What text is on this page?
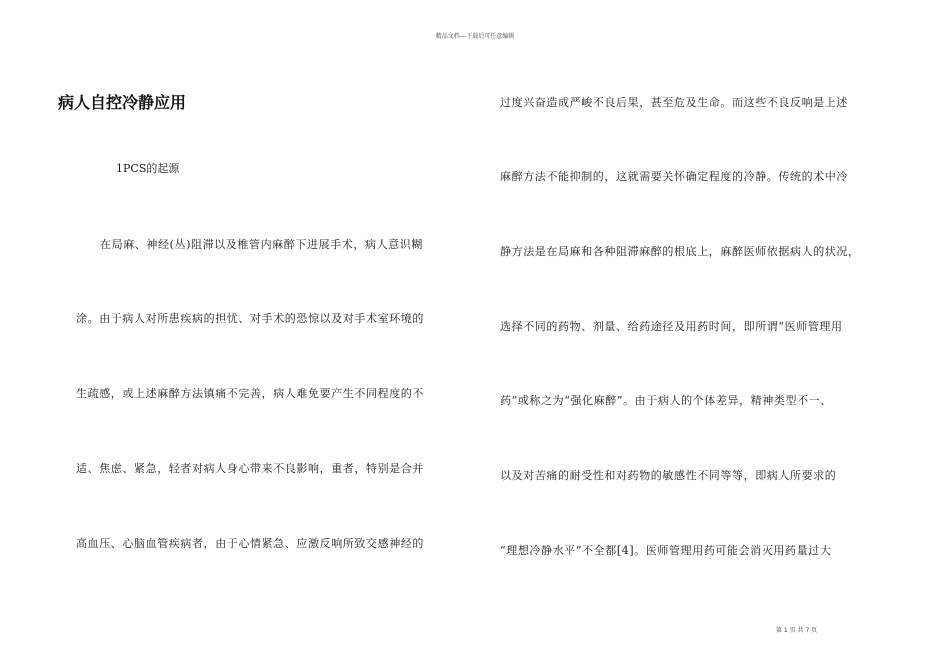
精品文档---下载后可任意编辑
病人自控冷静应用
1PCS的起源
在局麻、神经(丛)阻滞以及椎管内麻醉下进展手术，病人意识糊
涂。由于病人对所患疾病的担忧、对手术的恐惊以及对手术室环境的
生疏感，或上述麻醉方法镇痛不完善，病人难免要产生不同程度的不
适、焦虑、紧急，轻者对病人身心带来不良影响，重者，特别是合并
高血压、心脑血管疾病者，由于心情紧急、应激反响所致交感神经的
过度兴奋造成严峻不良后果，甚至危及生命。而这些不良反响是上述
麻醉方法不能抑制的，这就需要关怀确定程度的冷静。传统的术中冷
静方法是在局麻和各种阻滞麻醉的根底上，麻醉医师依据病人的状况，
选择不同的药物、剂量、给药途径及用药时间，即所谓“医师管理用
药”或称之为“强化麻醉”。由于病人的个体差异，精神类型不一、
以及对苦痛的耐受性和对药物的敏感性不同等等，即病人所要求的
“理想冷静水平”不全都[4]。医师管理用药可能会消灭用药量过大
第 1 页 共 7 页
